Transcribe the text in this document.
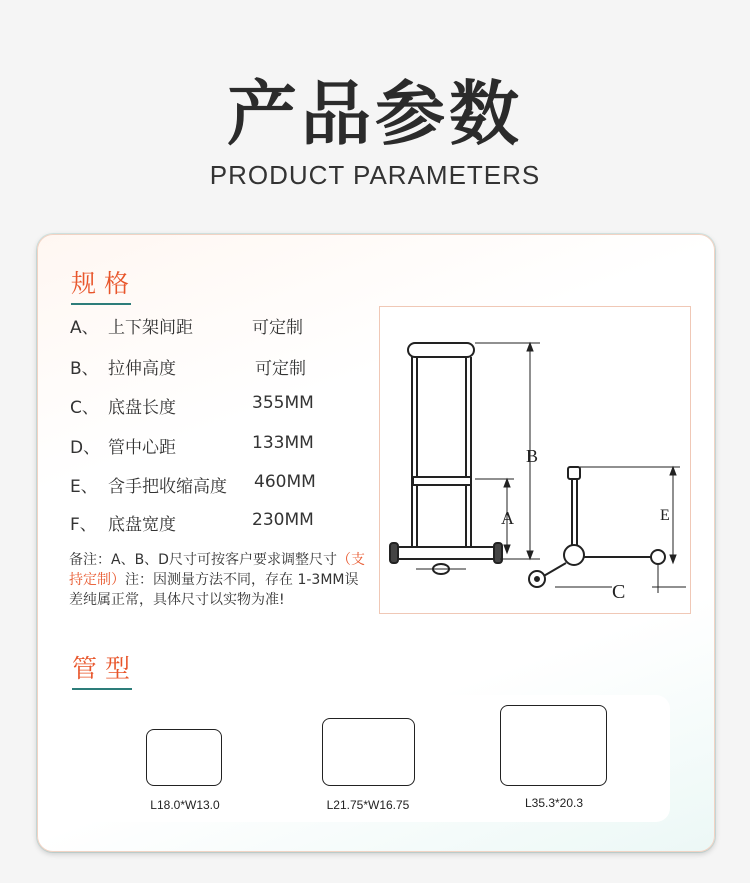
产品参数
PRODUCT PARAMETERS
规格
A、 上下架间距	可定制
B、 拉伸高度	可定制
C、 底盘长度	355MM
D、 管中心距	133MM
E、 含手把收缩高度 460MM
F、 底盘宽度	230MM
备注：A、B、D尺寸可按客户要求调整尺寸（支持定制）注：因测量方法不同，存在 1-3MM误差纯属正常，具体尺寸以实物为准!
B
A	E
C
管型
L18.0*W13.0	L21.75*W16.75	L35.3*20.3
